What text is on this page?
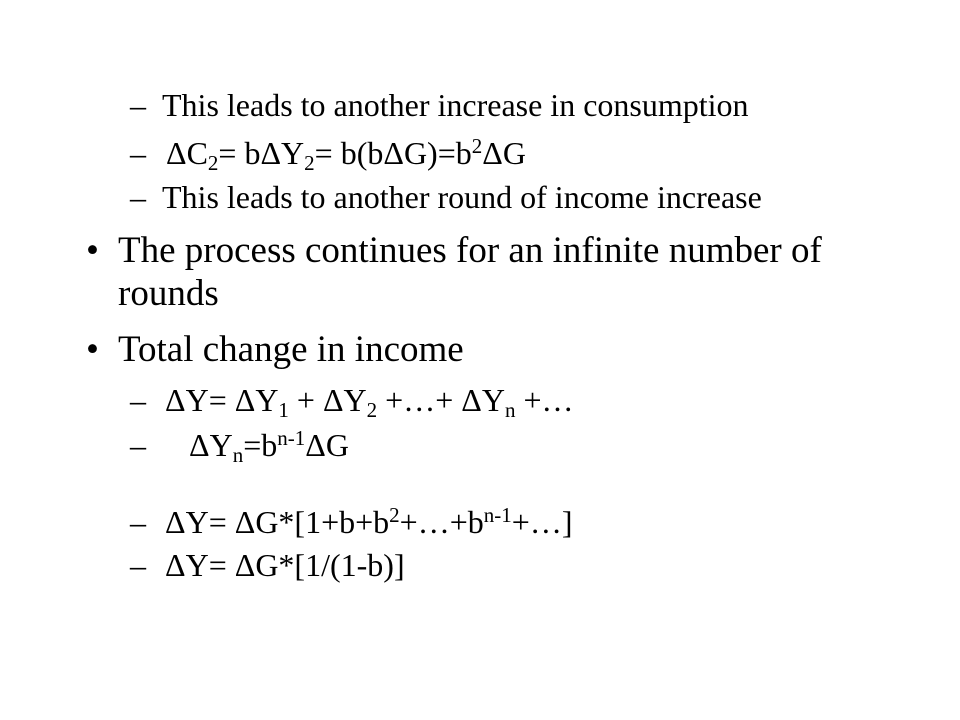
– This leads to another increase in consumption
– $\Delta C2= b\Delta Y2= b(b\Delta G)=b^2\Delta G$
– This leads to another round of income increase
• The process continues for an infinite number of rounds
• Total change in income
– ΔY= ΔY1 + ΔY2 +…+ ΔYn +…
– $\Delta Yn=b^{n-1}\Delta G$
– $\Delta Y= \Delta G*[1+b+b^2+\dots+b^{n-1}+\dots]$
– ΔY= ΔG*[1/(1-b)]
